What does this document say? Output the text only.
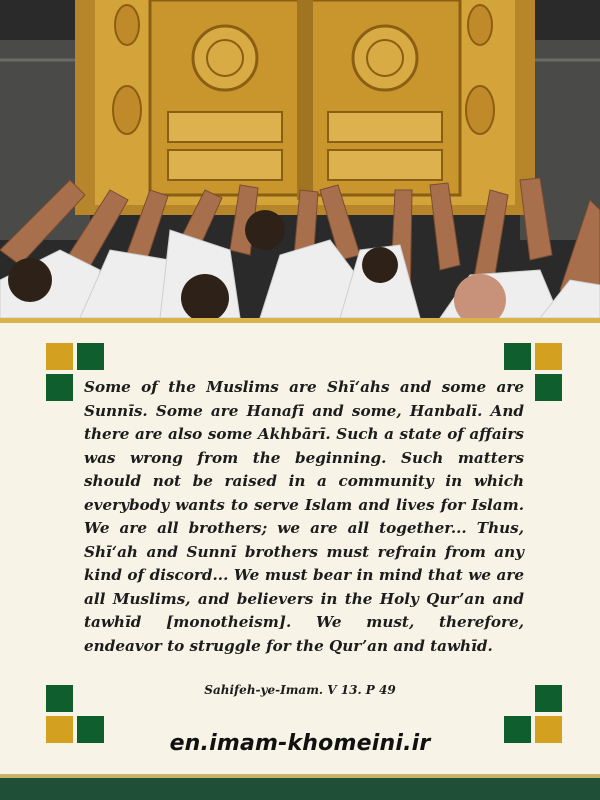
Some of the Muslims are Shī‘ahs and some are Sunnīs. Some are Hanafī and some, Hanbalī. And there are also some Akhbārī. Such a state of affairs was wrong from the beginning. Such matters should not be raised in a community in which everybody wants to serve Islam and lives for Islam. We are all brothers; we are all together... Thus, Shī‘ah and Sunnī brothers must refrain from any kind of discord... We must bear in mind that we are all Muslims, and believers in the Holy Qur’an and tawhīd [monotheism]. We must, therefore, endeavor to struggle for the Qur’an and tawhīd.

Sahifeh-ye-Imam. V 13. P 49
en.imam-khomeini.ir
